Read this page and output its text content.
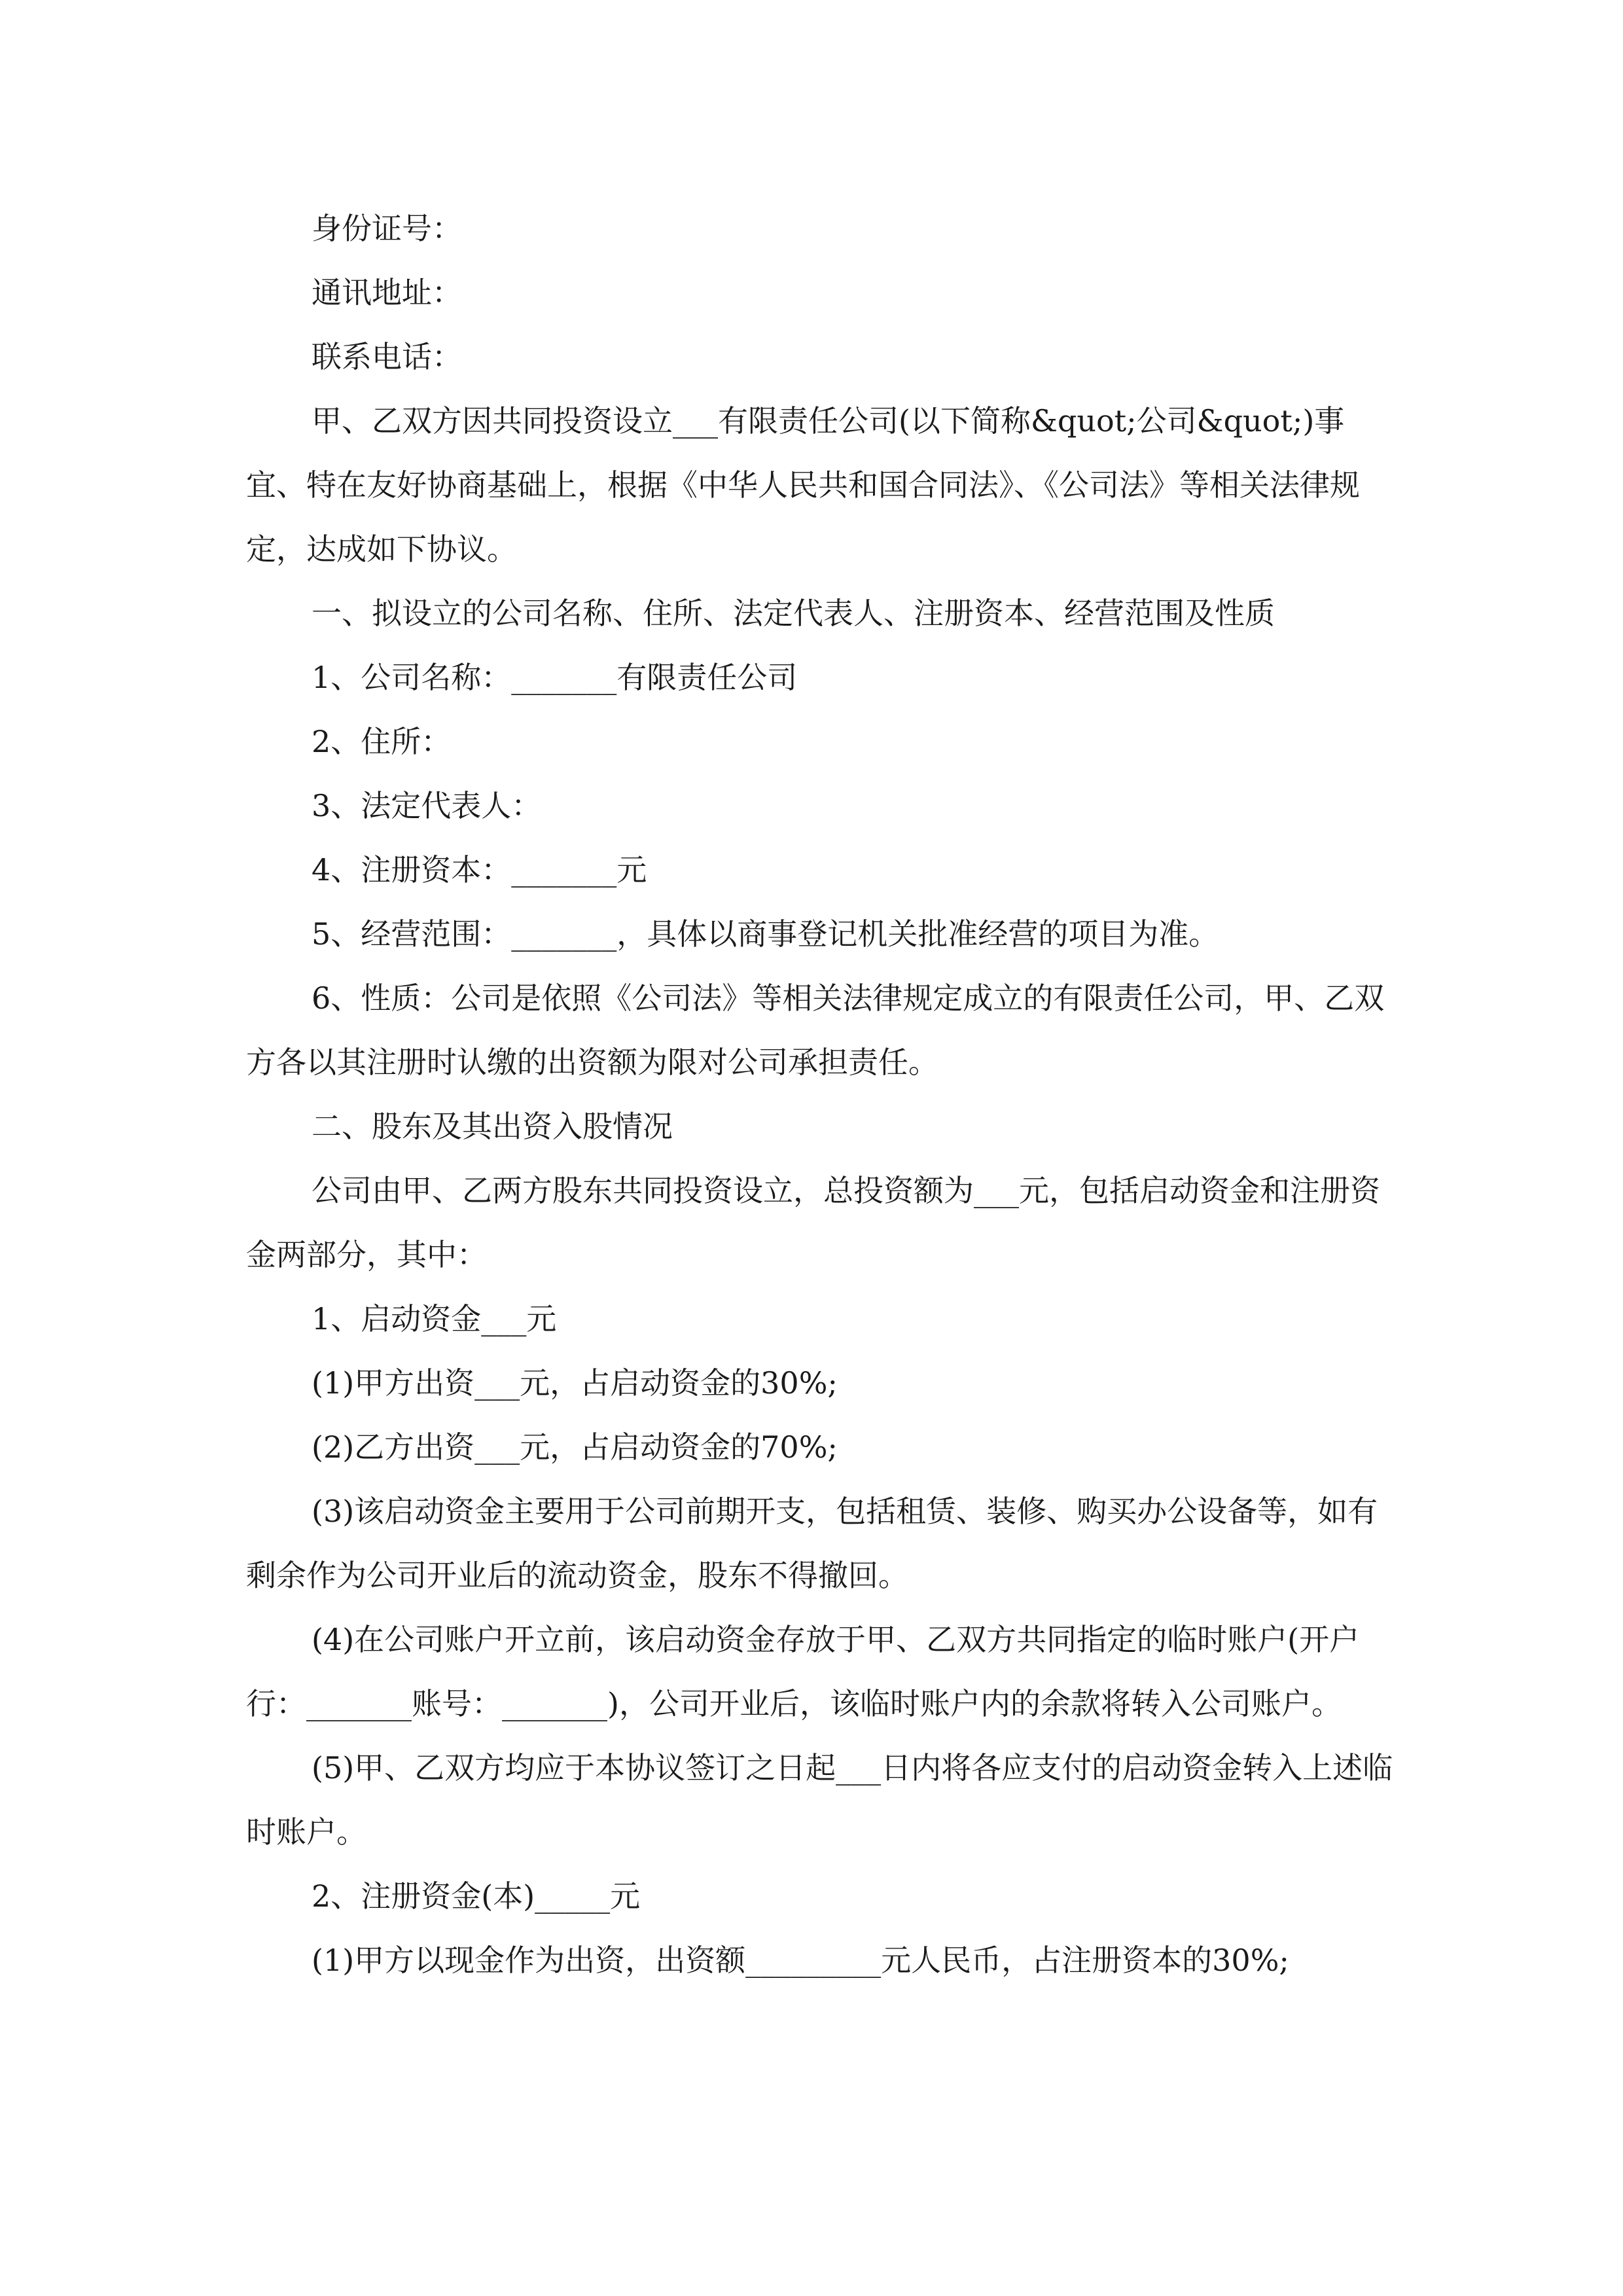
身份证号：

通讯地址：

联系电话：

甲、乙双方因共同投资设立___有限责任公司(以下简称&quot;公司&quot;)事宜、特在友好协商基础上，根据《中华人民共和国合同法》、《公司法》等相关法律规定，达成如下协议。

一、拟设立的公司名称、住所、法定代表人、注册资本、经营范围及性质

1、公司名称：_______有限责任公司

2、住所：

3、法定代表人：

4、注册资本：_______元

5、经营范围：_______，具体以商事登记机关批准经营的项目为准。

6、性质：公司是依照《公司法》等相关法律规定成立的有限责任公司，甲、乙双方各以其注册时认缴的出资额为限对公司承担责任。

二、股东及其出资入股情况

公司由甲、乙两方股东共同投资设立，总投资额为___元，包括启动资金和注册资金两部分，其中：

1、启动资金___元

(1)甲方出资___元，占启动资金的30%;

(2)乙方出资___元，占启动资金的70%;

(3)该启动资金主要用于公司前期开支，包括租赁、装修、购买办公设备等，如有剩余作为公司开业后的流动资金，股东不得撤回。

(4)在公司账户开立前，该启动资金存放于甲、乙双方共同指定的临时账户(开户行：_______账号：_______)，公司开业后，该临时账户内的余款将转入公司账户。

(5)甲、乙双方均应于本协议签订之日起___日内将各应支付的启动资金转入上述临时账户。

2、注册资金(本)_____元

(1)甲方以现金作为出资，出资额_________元人民币，占注册资本的30%;
